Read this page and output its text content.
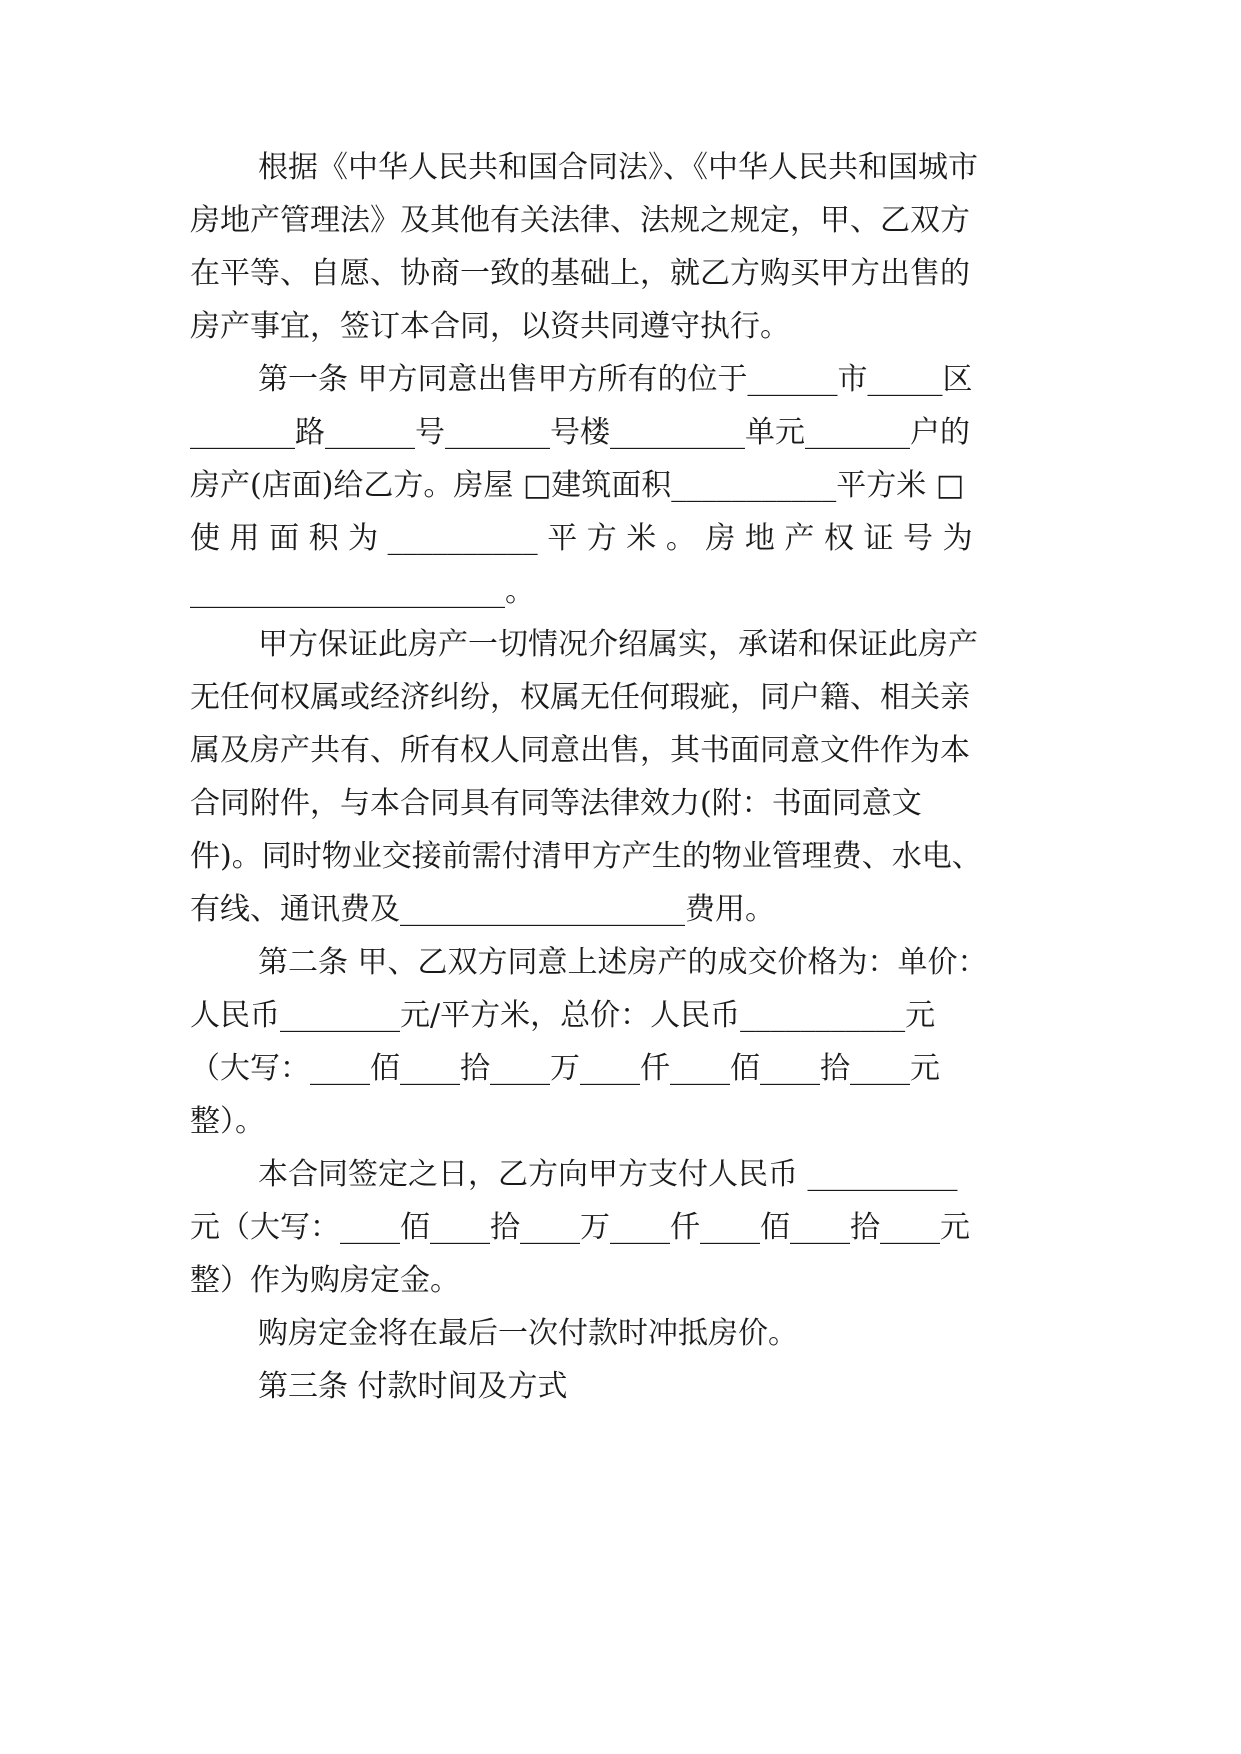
根据《中华人民共和国合同法》、《中华人民共和国城市
房地产管理法》及其他有关法律、法规之规定，甲、乙双方
在平等、自愿、协商一致的基础上，就乙方购买甲方出售的
房产事宜，签订本合同，以资共同遵守执行。
第一条 甲方同意出售甲方所有的位于______市_____区
_______路______号_______号楼_________单元_______户的
房产(店面)给乙方。房屋 □建筑面积___________平方米 □
使 用 面 积 为 __________ 平 方 米 。 房 地 产 权 证 号 为
_____________________。
甲方保证此房产一切情况介绍属实，承诺和保证此房产
无任何权属或经济纠纷，权属无任何瑕疵，同户籍、相关亲
属及房产共有、所有权人同意出售，其书面同意文件作为本
合同附件，与本合同具有同等法律效力(附：书面同意文
件)。同时物业交接前需付清甲方产生的物业管理费、水电、
有线、通讯费及___________________费用。
第二条 甲、乙双方同意上述房产的成交价格为：单价：
人民币________元/平方米，总价：人民币___________元
（大写：____佰____拾____万____仟____佰____拾____元
整）。
本合同签定之日，乙方向甲方支付人民币 __________
元（大写：____佰____拾____万____仟____佰____拾____元
整）作为购房定金。
购房定金将在最后一次付款时冲抵房价。
第三条 付款时间及方式
